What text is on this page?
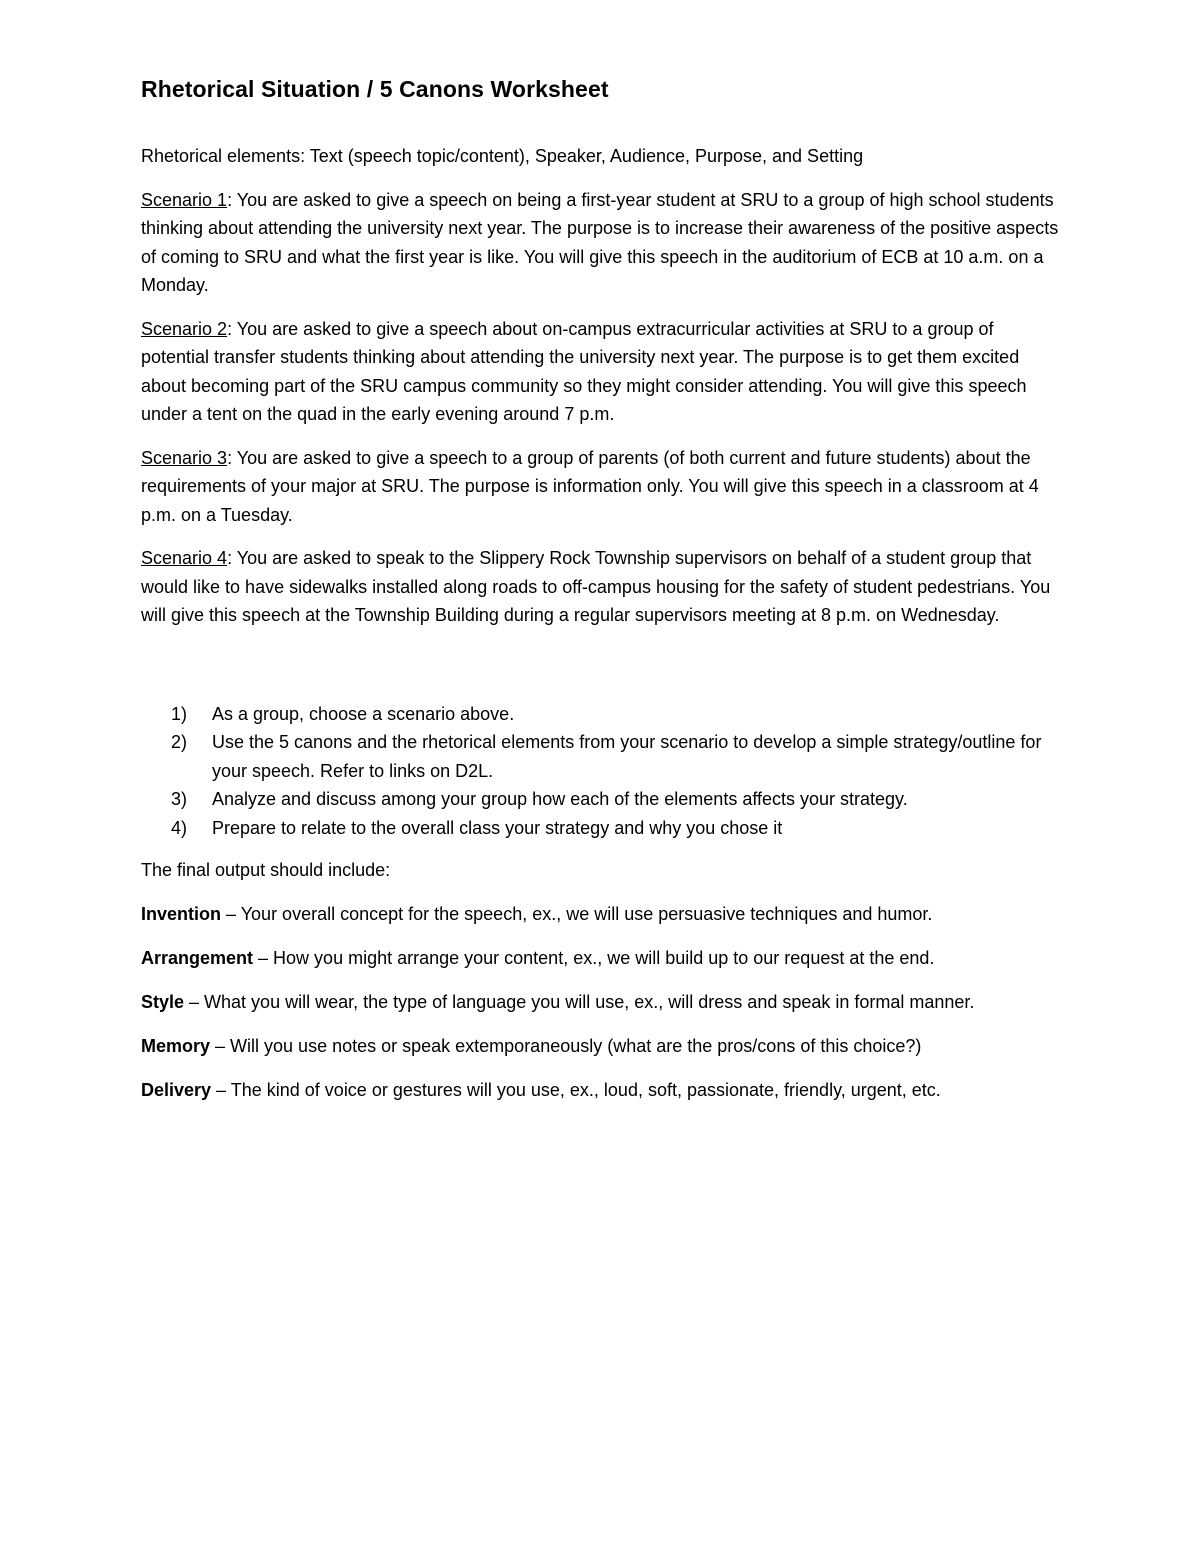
Rhetorical Situation / 5 Canons Worksheet

Rhetorical elements: Text (speech topic/content), Speaker, Audience, Purpose, and Setting

Scenario 1: You are asked to give a speech on being a first-year student at SRU to a group of high school students thinking about attending the university next year. The purpose is to increase their awareness of the positive aspects of coming to SRU and what the first year is like. You will give this speech in the auditorium of ECB at 10 a.m. on a Monday.

Scenario 2: You are asked to give a speech about on-campus extracurricular activities at SRU to a group of potential transfer students thinking about attending the university next year. The purpose is to get them excited about becoming part of the SRU campus community so they might consider attending. You will give this speech under a tent on the quad in the early evening around 7 p.m.

Scenario 3: You are asked to give a speech to a group of parents (of both current and future students) about the requirements of your major at SRU. The purpose is information only. You will give this speech in a classroom at 4 p.m. on a Tuesday.

Scenario 4: You are asked to speak to the Slippery Rock Township supervisors on behalf of a student group that would like to have sidewalks installed along roads to off-campus housing for the safety of student pedestrians. You will give this speech at the Township Building during a regular supervisors meeting at 8 p.m. on Wednesday.

1) As a group, choose a scenario above.
2) Use the 5 canons and the rhetorical elements from your scenario to develop a simple strategy/outline for your speech. Refer to links on D2L.
3) Analyze and discuss among your group how each of the elements affects your strategy.
4) Prepare to relate to the overall class your strategy and why you chose it

The final output should include:

Invention – Your overall concept for the speech, ex., we will use persuasive techniques and humor.

Arrangement – How you might arrange your content, ex., we will build up to our request at the end.

Style – What you will wear, the type of language you will use, ex., will dress and speak in formal manner.

Memory – Will you use notes or speak extemporaneously (what are the pros/cons of this choice?)

Delivery – The kind of voice or gestures will you use, ex., loud, soft, passionate, friendly, urgent, etc.
